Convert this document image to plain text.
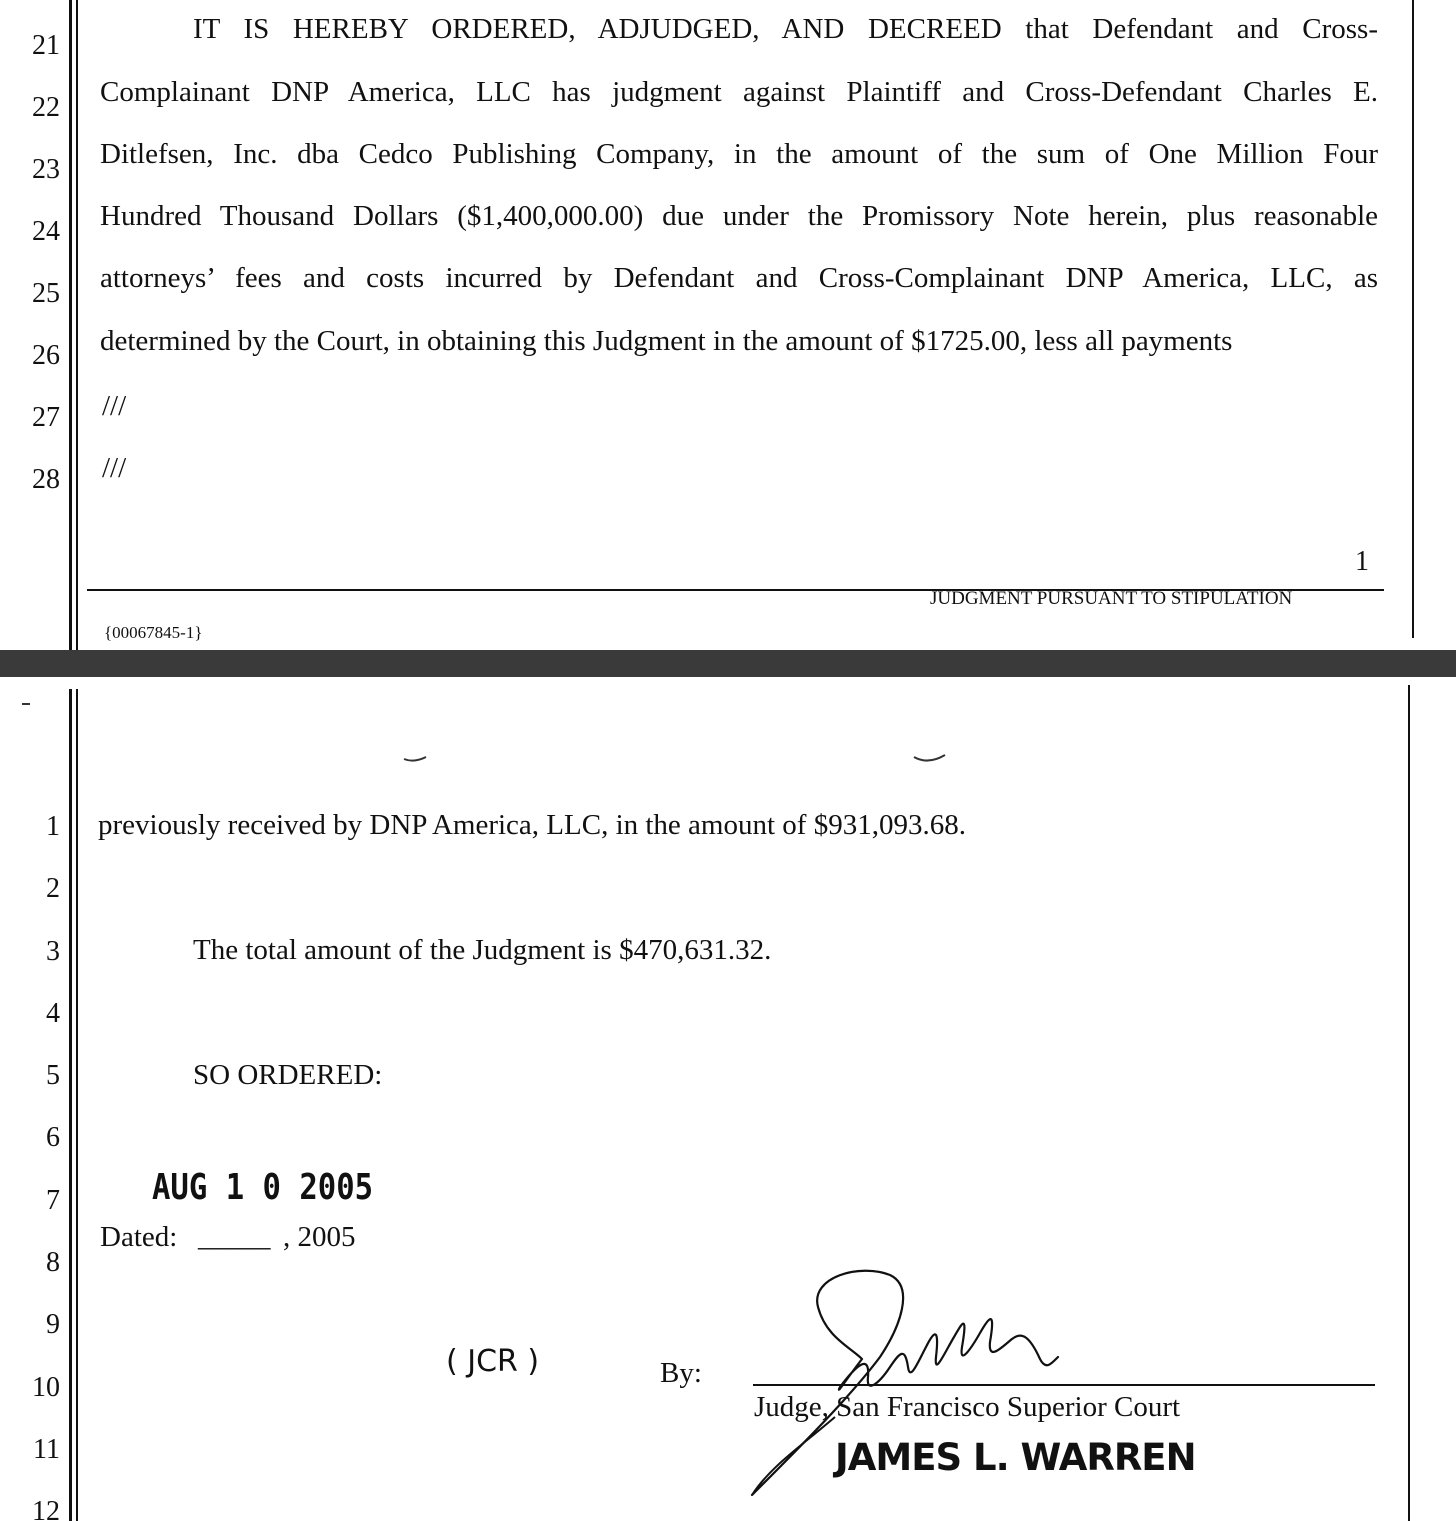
21
22
23
24
25
26
27
28
IT IS HEREBY ORDERED, ADJUDGED, AND DECREED that Defendant and Cross-
Complainant DNP America, LLC has judgment against Plaintiff and Cross-Defendant Charles E.
Ditlefsen, Inc. dba Cedco Publishing Company, in the amount of the sum of One Million Four
Hundred Thousand Dollars ($1,400,000.00) due under the Promissory Note herein, plus reasonable
attorneys’ fees and costs incurred by Defendant and Cross-Complainant DNP America, LLC, as
determined by the Court, in obtaining this Judgment in the amount of $1725.00, less all payments
///
///
1
JUDGMENT PURSUANT TO STIPULATION
{00067845-1}
1
2
3
4
5
6
7
8
9
10
11
12
previously received by DNP America, LLC, in the amount of $931,093.68.
The total amount of the Judgment is $470,631.32.
SO ORDERED:
AUG 1 0 2005
Dated: _____ , 2005
( JCR )	By:
Judge, San Francisco Superior Court
JAMES L. WARREN
